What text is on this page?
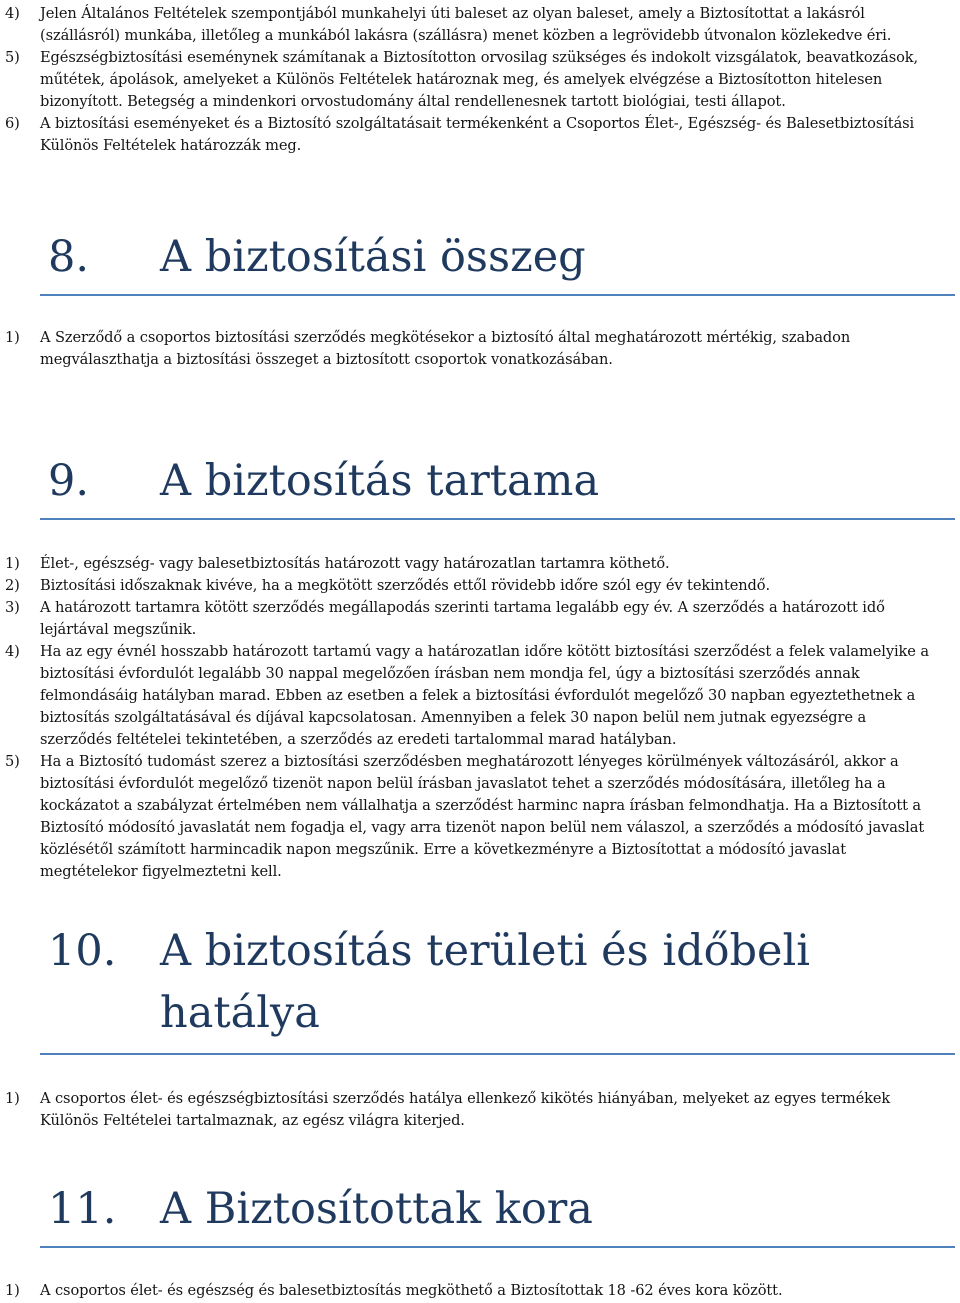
4) Jelen Általános Feltételek szempontjából munkahelyi úti baleset az olyan baleset, amely a Biztosítottat a lakásról (szállásról) munkába, illetőleg a munkából lakásra (szállásra) menet közben a legrövidebb útvonalon közlekedve éri.
5) Egészségbiztosítási eseménynek számítanak a Biztosítotton orvosilag szükséges és indokolt vizsgálatok, beavatkozások, műtétek, ápolások, amelyeket a Különös Feltételek határoznak meg, és amelyek elvégzése a Biztosítotton hitelesen bizonyított. Betegség a mindenkori orvostudomány által rendellenesnek tartott biológiai, testi állapot.
6) A biztosítási eseményeket és a Biztosító szolgáltatásait termékenként a Csoportos Élet-, Egészség- és Balesetbiztosítási Különös Feltételek határozzák meg.
8. A biztosítási összeg
1) A Szerződő a csoportos biztosítási szerződés megkötésekor a biztosító által meghatározott mértékig, szabadon megválaszthatja a biztosítási összeget a biztosított csoportok vonatkozásában.
9. A biztosítás tartama
1) Élet-, egészség- vagy balesetbiztosítás határozott vagy határozatlan tartamra köthető.
2) Biztosítási időszaknak kivéve, ha a megkötött szerződés ettől rövidebb időre szól egy év tekintendő.
3) A határozott tartamra kötött szerződés megállapodás szerinti tartama legalább egy év. A szerződés a határozott idő lejártával megszűnik.
4) Ha az egy évnél hosszabb határozott tartamú vagy a határozatlan időre kötött biztosítási szerződést a felek valamelyike a biztosítási évfordulót legalább 30 nappal megelőzően írásban nem mondja fel, úgy a biztosítási szerződés annak felmondásáig hatályban marad. Ebben az esetben a felek a biztosítási évfordulót megelőző 30 napban egyeztethetnek a biztosítás szolgáltatásával és díjával kapcsolatosan. Amennyiben a felek 30 napon belül nem jutnak egyezségre a szerződés feltételei tekintetében, a szerződés az eredeti tartalommal marad hatályban.
5) Ha a Biztosító tudomást szerez a biztosítási szerződésben meghatározott lényeges körülmények változásáról, akkor a biztosítási évfordulót megelőző tizenöt napon belül írásban javaslatot tehet a szerződés módosítására, illetőleg ha a kockázatot a szabályzat értelmében nem vállalhatja a szerződést harminc napra írásban felmondhatja. Ha a Biztosított a Biztosító módosító javaslatát nem fogadja el, vagy arra tizenöt napon belül nem válaszol, a szerződés a módosító javaslat közlésétől számított harmincadik napon megszűnik. Erre a következményre a Biztosítottat a módosító javaslat megtételekor figyelmeztetni kell.
10. A biztosítás területi és időbeli hatálya
1) A csoportos élet- és egészségbiztosítási szerződés hatálya ellenkező kikötés hiányában, melyeket az egyes termékek Különös Feltételei tartalmaznak, az egész világra kiterjed.
11. A Biztosítottak kora
1) A csoportos élet- és egészség és balesetbiztosítás megköthető a Biztosítottak 18 -62 éves kora között.
